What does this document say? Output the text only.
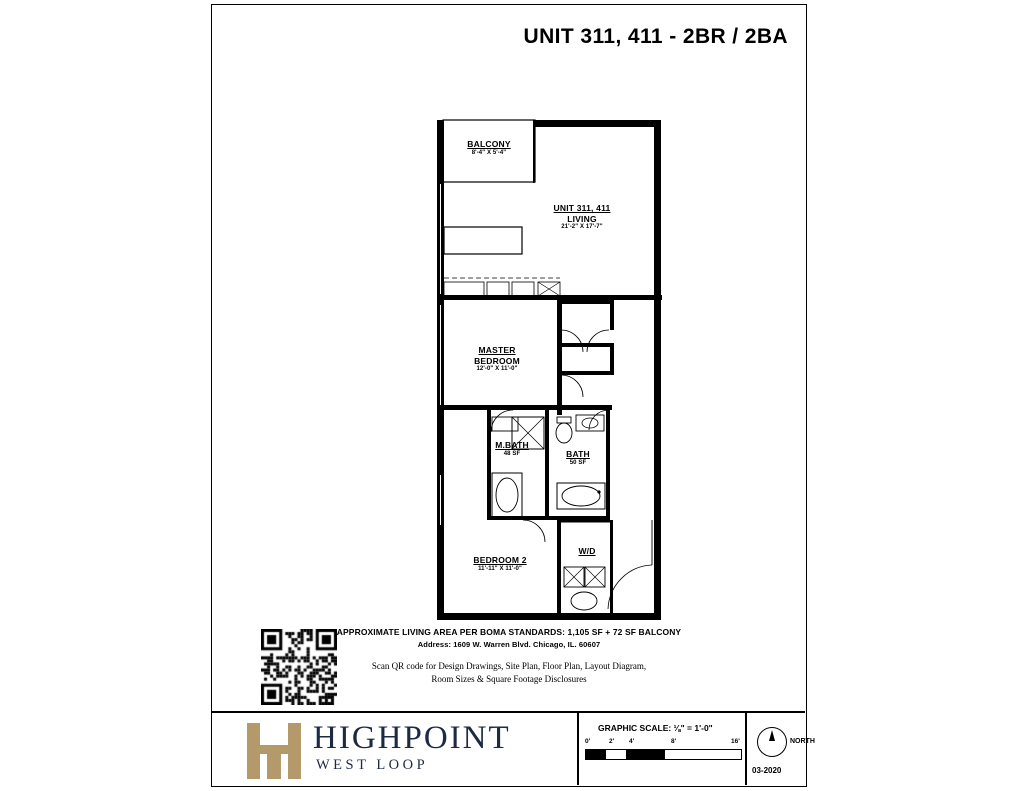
UNIT 311, 411 - 2BR / 2BA
BALCONY
8'-4" X 5'-4"
UNIT 311, 411
LIVING
21'-2" X 17'-7"
MASTER
BEDROOM
12'-0" X 11'-0"
M.BATH
48 SF	BATH
50 SF
BEDROOM 2
11'-11" X 11'-0"
W/D
APPROXIMATE LIVING AREA PER BOMA STANDARDS: 1,105 SF + 72 SF BALCONY
Address: 1609 W. Warren Blvd. Chicago, IL. 60607
Scan QR code for Design Drawings, Site Plan, Floor Plan, Layout Diagram,
Room Sizes & Square Footage Disclosures
HIGHPOINT
WEST LOOP
GRAPHIC SCALE: ⅛" = 1'-0"
0'	2' 4'	8'	16'	NORTH
03-2020
